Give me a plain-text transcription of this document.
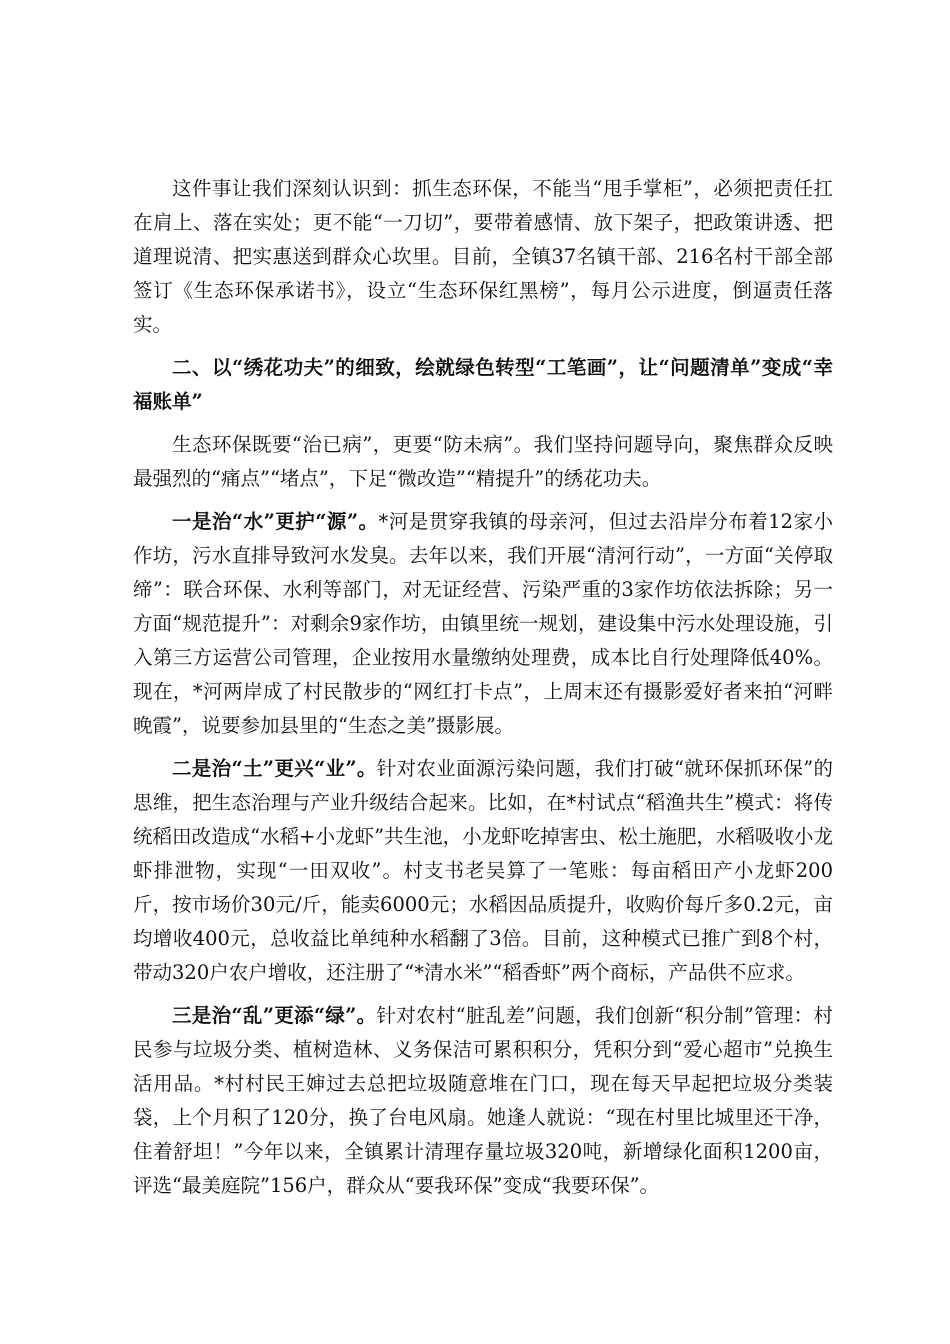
这件事让我们深刻认识到：抓生态环保，不能当“甩手掌柜”，必须把责任扛在肩上、落在实处；更不能“一刀切”，要带着感情、放下架子，把政策讲透、把道理说清、把实惠送到群众心坎里。目前，全镇37名镇干部、216名村干部全部签订《生态环保承诺书》，设立“生态环保红黑榜”，每月公示进度，倒逼责任落实。

二、以“绣花功夫”的细致，绘就绿色转型“工笔画”，让“问题清单”变成“幸福账单”

生态环保既要“治已病”，更要“防未病”。我们坚持问题导向，聚焦群众反映最强烈的“痛点”“堵点”，下足“微改造”“精提升”的绣花功夫。

一是治“水”更护“源”。*河是贯穿我镇的母亲河，但过去沿岸分布着12家小作坊，污水直排导致河水发臭。去年以来，我们开展“清河行动”，一方面“关停取缔”：联合环保、水利等部门，对无证经营、污染严重的3家作坊依法拆除；另一方面“规范提升”：对剩余9家作坊，由镇里统一规划，建设集中污水处理设施，引入第三方运营公司管理，企业按用水量缴纳处理费，成本比自行处理降低40%。现在，*河两岸成了村民散步的“网红打卡点”，上周末还有摄影爱好者来拍“河畔晚霞”，说要参加县里的“生态之美”摄影展。

二是治“土”更兴“业”。针对农业面源污染问题，我们打破“就环保抓环保”的思维，把生态治理与产业升级结合起来。比如，在*村试点“稻渔共生”模式：将传统稻田改造成“水稻+小龙虾”共生池，小龙虾吃掉害虫、松土施肥，水稻吸收小龙虾排泄物，实现“一田双收”。村支书老吴算了一笔账：每亩稻田产小龙虾200斤，按市场价30元/斤，能卖6000元；水稻因品质提升，收购价每斤多0.2元，亩均增收400元，总收益比单纯种水稻翻了3倍。目前，这种模式已推广到8个村，带动320户农户增收，还注册了“*清水米”“稻香虾”两个商标，产品供不应求。

三是治“乱”更添“绿”。针对农村“脏乱差”问题，我们创新“积分制”管理：村民参与垃圾分类、植树造林、义务保洁可累积积分，凭积分到“爱心超市”兑换生活用品。*村村民王婶过去总把垃圾随意堆在门口，现在每天早起把垃圾分类装袋，上个月积了120分，换了台电风扇。她逢人就说：“现在村里比城里还干净，住着舒坦！”今年以来，全镇累计清理存量垃圾320吨，新增绿化面积1200亩，评选“最美庭院”156户，群众从“要我环保”变成“我要环保”。
